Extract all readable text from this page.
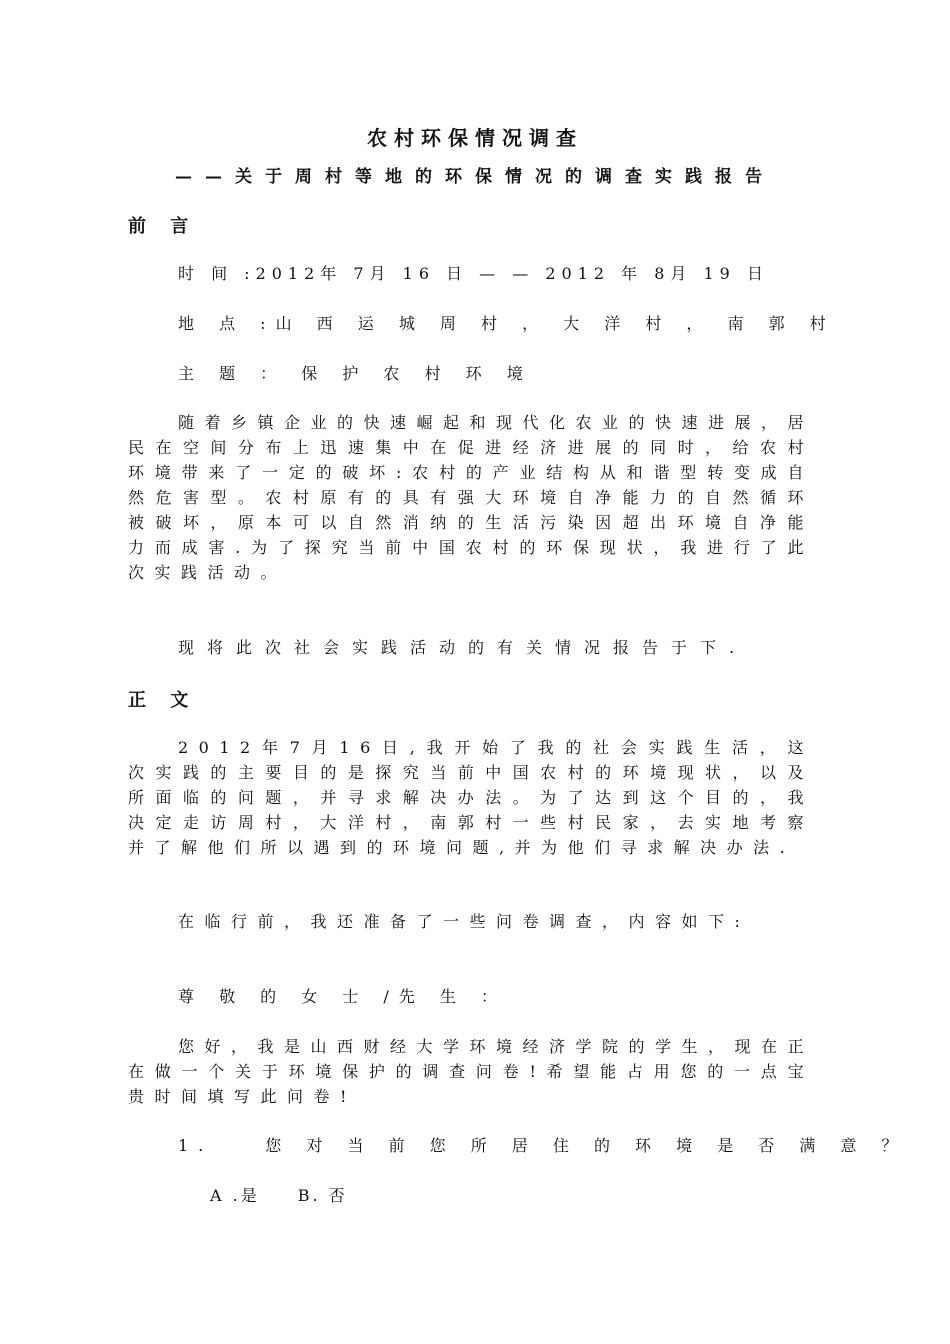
农村环保情况调查
——关于周村等地的环保情况的调查实践报告
前 言
时 间 :2012年 7月 16 日 — — 2012 年 8月 19 日
地 点 :山 西 运 城 周 村 ， 大 洋 村 ， 南 郭 村
主 题 ： 保 护 农 村 环 境
随着乡镇企业的快速崛起和现代化农业的快速进展，居民在空间分布上迅速集中在促进经济进展的同时，给农村环境带来了一定的破坏:农村的产业结构从和谐型转变成自然危害型。农村原有的具有强大环境自净能力的自然循环被破坏，原本可以自然消纳的生活污染因超出环境自净能力而成害.为了探究当前中国农村的环保现状，我进行了此次实践活动。
现将此次社会实践活动的有关情况报告于下.
正 文
2012年7月16日,我开始了我的社会实践生活，这次实践的主要目的是探究当前中国农村的环境现状，以及所面临的问题，并寻求解决办法。为了达到这个目的，我决定走访周村，大洋村，南郭村一些村民家，去实地考察并了解他们所以遇到的环境问题,并为他们寻求解决办法.
在临行前，我还准备了一些问卷调查，内容如下:
尊 敬 的 女 士 /先 生 ：
您好，我是山西财经大学环境经济学院的学生，现在正在做一个关于环境保护的调查问卷!希望能占用您的一点宝贵时间填写此问卷!
1.　　您 对 当 前 您 所 居 住 的 环 境 是 否 满 意 ？
A .是　　B. 否
